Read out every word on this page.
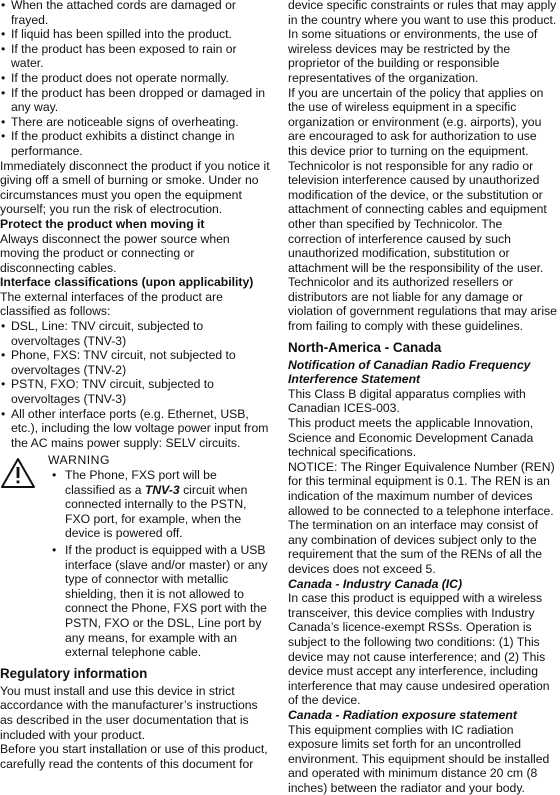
• When the attached cords are damaged or frayed.
• If liquid has been spilled into the product.
• If the product has been exposed to rain or water.
• If the product does not operate normally.
• If the product has been dropped or damaged in any way.
• There are noticeable signs of overheating.
• If the product exhibits a distinct change in performance.

Immediately disconnect the product if you notice it giving off a smell of burning or smoke. Under no circumstances must you open the equipment yourself; you run the risk of electrocution.

Protect the product when moving it

Always disconnect the power source when moving the product or connecting or disconnecting cables.

Interface classifications (upon applicability)

The external interfaces of the product are classified as follows:

• DSL, Line: TNV circuit, subjected to overvoltages (TNV-3)
• Phone, FXS: TNV circuit, not subjected to overvoltages (TNV-2)
• PSTN, FXO: TNV circuit, subjected to overvoltages (TNV-3)
• All other interface ports (e.g. Ethernet, USB, etc.), including the low voltage power input from the AC mains power supply: SELV circuits.

WARNING

• The Phone, FXS port will be classified as a TNV-3 circuit when connected internally to the PSTN, FXO port, for example, when the device is powered off.
• If the product is equipped with a USB interface (slave and/or master) or any type of connector with metallic shielding, then it is not allowed to connect the Phone, FXS port with the PSTN, FXO or the DSL, Line port by any means, for example with an external telephone cable.

Regulatory information

You must install and use this device in strict accordance with the manufacturer’s instructions as described in the user documentation that is included with your product.

Before you start installation or use of this product, carefully read the contents of this document for

device specific constraints or rules that may apply in the country where you want to use this product.

In some situations or environments, the use of wireless devices may be restricted by the proprietor of the building or responsible representatives of the organization.

If you are uncertain of the policy that applies on the use of wireless equipment in a specific organization or environment (e.g. airports), you are encouraged to ask for authorization to use this device prior to turning on the equipment.

Technicolor is not responsible for any radio or television interference caused by unauthorized modification of the device, or the substitution or attachment of connecting cables and equipment other than specified by Technicolor. The correction of interference caused by such unauthorized modification, substitution or attachment will be the responsibility of the user.

Technicolor and its authorized resellers or distributors are not liable for any damage or violation of government regulations that may arise from failing to comply with these guidelines.

North-America - Canada

Notification of Canadian Radio Frequency Interference Statement

This Class B digital apparatus complies with Canadian ICES-003.

This product meets the applicable Innovation, Science and Economic Development Canada technical specifications.

NOTICE: The Ringer Equivalence Number (REN) for this terminal equipment is 0.1. The REN is an indication of the maximum number of devices allowed to be connected to a telephone interface. The termination on an interface may consist of any combination of devices subject only to the requirement that the sum of the RENs of all the devices does not exceed 5.

Canada - Industry Canada (IC)

In case this product is equipped with a wireless transceiver, this device complies with Industry Canada’s licence-exempt RSSs. Operation is subject to the following two conditions: (1) This device may not cause interference; and (2) This device must accept any interference, including interference that may cause undesired operation of the device.

Canada - Radiation exposure statement

This equipment complies with IC radiation exposure limits set forth for an uncontrolled environment. This equipment should be installed and operated with minimum distance 20 cm (8 inches) between the radiator and your body.
